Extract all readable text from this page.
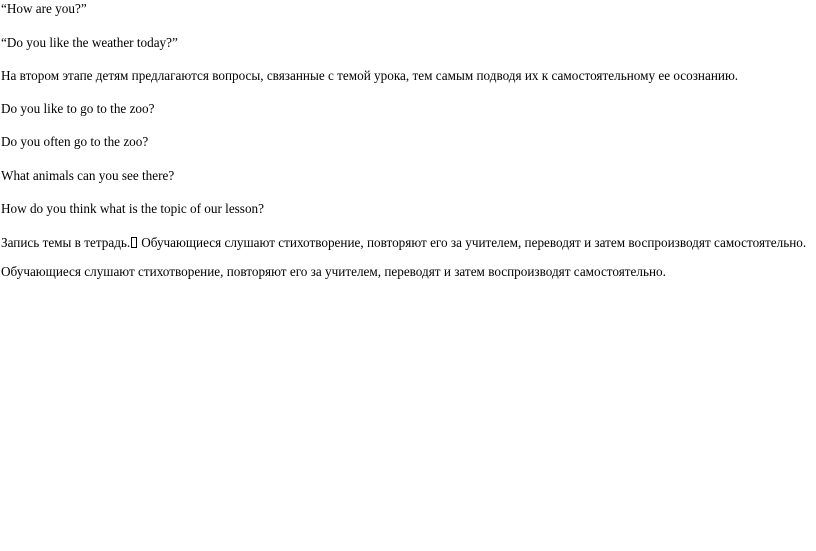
“How are you?”
“Do you like the weather today?”
На втором этапе детям предлагаются вопросы, связанные с темой урока, тем самым подводя их к самостоятельному ее осознанию.
Do you like to go to the zoo?
Do you often go to the zoo?
What animals can you see there?
How do you think what is the topic of our lesson?
Запись темы в тетрадь. Обучающиеся слушают стихотворение, повторяют его за учителем, переводят и затем воспроизводят самостоятельно.
Обучающиеся слушают стихотворение, повторяют его за учителем, переводят и затем воспроизводят самостоятельно.
